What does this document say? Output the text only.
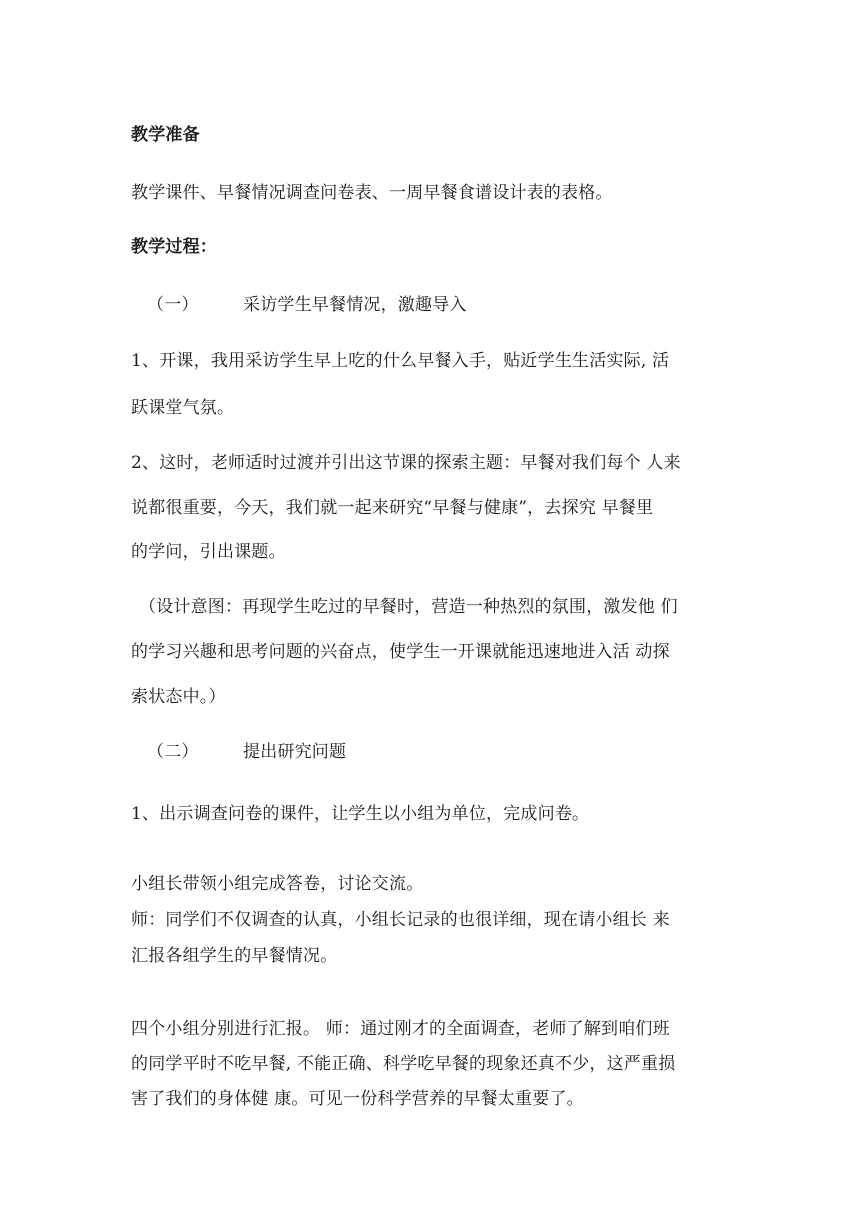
教学准备
教学课件、早餐情况调查问卷表、一周早餐食谱设计表的表格。
教学过程：
（一）	采访学生早餐情况，激趣导入
1、开课，我用采访学生早上吃的什么早餐入手，贴近学生生活实际, 活
跃课堂气氛。
2、这时，老师适时过渡并引出这节课的探索主题：早餐对我们每个 人来
说都很重要，今天，我们就一起来研究“早餐与健康”，去探究 早餐里
的学问，引出课题。
（设计意图：再现学生吃过的早餐时，营造一种热烈的氛围，激发他 们
的学习兴趣和思考问题的兴奋点，使学生一开课就能迅速地进入活 动探
索状态中。）
（二）	提出研究问题
1、出示调查问卷的课件，让学生以小组为单位，完成问卷。
小组长带领小组完成答卷，讨论交流。
师：同学们不仅调查的认真，小组长记录的也很详细，现在请小组长 来
汇报各组学生的早餐情况。
四个小组分别进行汇报。 师：通过刚才的全面调查，老师了解到咱们班
的同学平时不吃早餐, 不能正确、科学吃早餐的现象还真不少，这严重损
害了我们的身体健 康。可见一份科学营养的早餐太重要了。
